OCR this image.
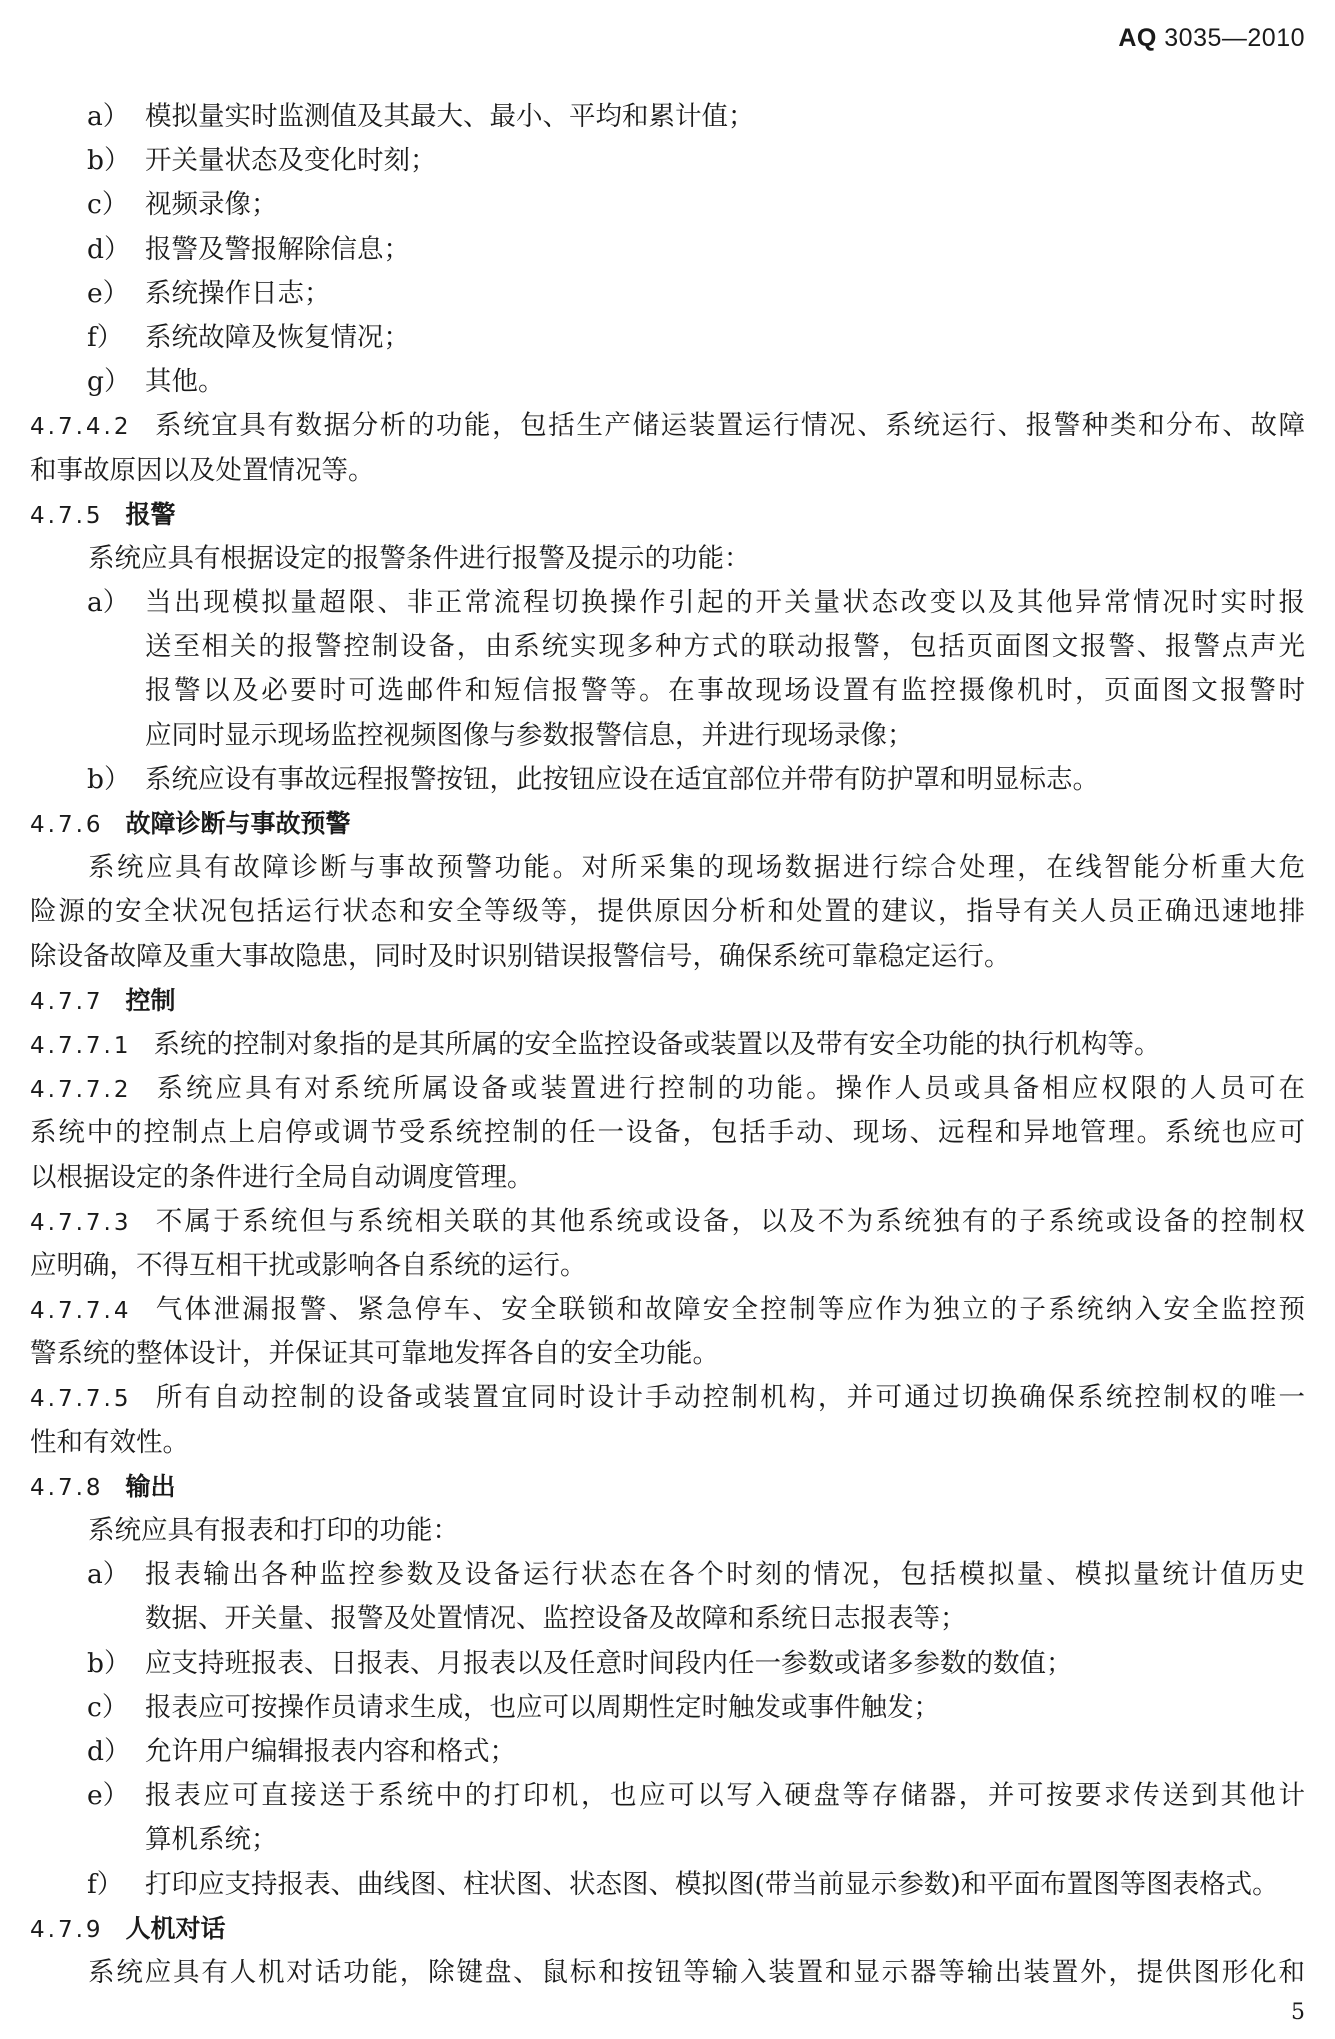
AQ 3035—2010
a） 模拟量实时监测值及其最大、最小、平均和累计值；
b） 开关量状态及变化时刻；
c） 视频录像；
d） 报警及警报解除信息；
e） 系统操作日志；
f） 系统故障及恢复情况；
g） 其他。
4.7.4.2 系统宜具有数据分析的功能，包括生产储运装置运行情况、系统运行、报警种类和分布、故障
和事故原因以及处置情况等。
4.7.5 报警
系统应具有根据设定的报警条件进行报警及提示的功能：
a） 当出现模拟量超限、非正常流程切换操作引起的开关量状态改变以及其他异常情况时实时报
送至相关的报警控制设备，由系统实现多种方式的联动报警，包括页面图文报警、报警点声光
报警以及必要时可选邮件和短信报警等。在事故现场设置有监控摄像机时，页面图文报警时
应同时显示现场监控视频图像与参数报警信息，并进行现场录像；
b） 系统应设有事故远程报警按钮，此按钮应设在适宜部位并带有防护罩和明显标志。
4.7.6 故障诊断与事故预警
系统应具有故障诊断与事故预警功能。对所采集的现场数据进行综合处理，在线智能分析重大危
险源的安全状况包括运行状态和安全等级等，提供原因分析和处置的建议，指导有关人员正确迅速地排
除设备故障及重大事故隐患，同时及时识别错误报警信号，确保系统可靠稳定运行。
4.7.7 控制
4.7.7.1 系统的控制对象指的是其所属的安全监控设备或装置以及带有安全功能的执行机构等。
4.7.7.2 系统应具有对系统所属设备或装置进行控制的功能。操作人员或具备相应权限的人员可在
系统中的控制点上启停或调节受系统控制的任一设备，包括手动、现场、远程和异地管理。系统也应可
以根据设定的条件进行全局自动调度管理。
4.7.7.3 不属于系统但与系统相关联的其他系统或设备，以及不为系统独有的子系统或设备的控制权
应明确，不得互相干扰或影响各自系统的运行。
4.7.7.4 气体泄漏报警、紧急停车、安全联锁和故障安全控制等应作为独立的子系统纳入安全监控预
警系统的整体设计，并保证其可靠地发挥各自的安全功能。
4.7.7.5 所有自动控制的设备或装置宜同时设计手动控制机构，并可通过切换确保系统控制权的唯一
性和有效性。
4.7.8 输出
系统应具有报表和打印的功能：
a） 报表输出各种监控参数及设备运行状态在各个时刻的情况，包括模拟量、模拟量统计值历史
数据、开关量、报警及处置情况、监控设备及故障和系统日志报表等；
b） 应支持班报表、日报表、月报表以及任意时间段内任一参数或诸多参数的数值；
c） 报表应可按操作员请求生成，也应可以周期性定时触发或事件触发；
d） 允许用户编辑报表内容和格式；
e） 报表应可直接送于系统中的打印机，也应可以写入硬盘等存储器，并可按要求传送到其他计
算机系统；
f） 打印应支持报表、曲线图、柱状图、状态图、模拟图(带当前显示参数)和平面布置图等图表格式。
4.7.9 人机对话
系统应具有人机对话功能，除键盘、鼠标和按钮等输入装置和显示器等输出装置外，提供图形化和
5
